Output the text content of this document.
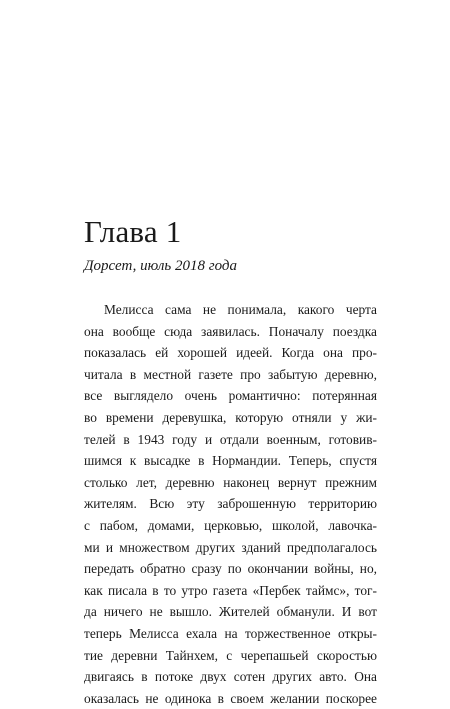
Глава 1
Дорсет, июль 2018 года
Мелисса сама не понимала, какого черта
она вообще сюда заявилась. Поначалу поездка
показалась ей хорошей идеей. Когда она про-
читала в местной газете про забытую деревню,
все выглядело очень романтично: потерянная
во времени деревушка, которую отняли у жи-
телей в 1943 году и отдали военным, готовив-
шимся к высадке в Нормандии. Теперь, спустя
столько лет, деревню наконец вернут прежним
жителям. Всю эту заброшенную территорию
с пабом, домами, церковью, школой, лавочка-
ми и множеством других зданий предполагалось
передать обратно сразу по окончании войны, но,
как писала в то утро газета «Пербек таймс», тог-
да ничего не вышло. Жителей обманули. И вот
теперь Мелисса ехала на торжественное откры-
тие деревни Тайнхем, с черепашьей скоростью
двигаясь в потоке двух сотен других авто. Она
оказалась не одинока в своем желании поскорее
